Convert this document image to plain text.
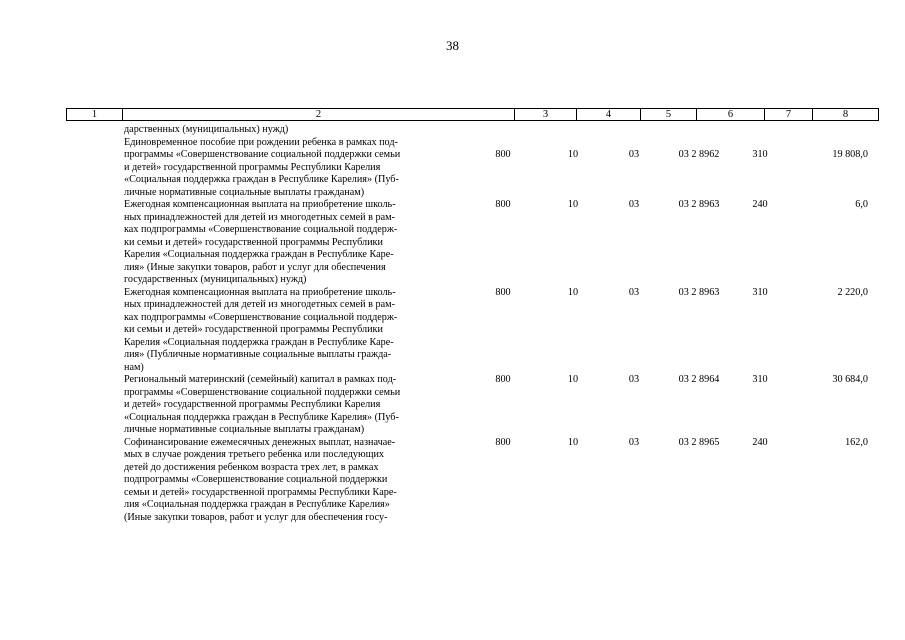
38
1	2	3	4	5	6	7	8
дарственных (муниципальных) нужд)
Единовременное пособие при рождении ребенка в рамках под-
программы «Совершенствование социальной поддержки семьи
и детей» государственной программы Республики Карелия
«Социальная поддержка граждан в Республике Карелия» (Пуб-
личные нормативные социальные выплаты гражданам)
800	10	03	03 2 8962	310	19 808,0
Ежегодная компенсационная выплата на приобретение школь-
ных принадлежностей для детей из многодетных семей в рам-
ках подпрограммы «Совершенствование социальной поддерж-
ки семьи и детей» государственной программы Республики
Карелия «Социальная поддержка граждан в Республике Каре-
лия» (Иные закупки товаров, работ и услуг для обеспечения
государственных (муниципальных) нужд)
800	10	03	03 2 8963	240	6,0
Ежегодная компенсационная выплата на приобретение школь-
ных принадлежностей для детей из многодетных семей в рам-
ках подпрограммы «Совершенствование социальной поддерж-
ки семьи и детей» государственной программы Республики
Карелия «Социальная поддержка граждан в Республике Каре-
лия» (Публичные нормативные социальные выплаты гражда-
нам)
800	10	03	03 2 8963	310	2 220,0
Региональный материнский (семейный) капитал в рамках под-
программы «Совершенствование социальной поддержки семьи
и детей» государственной программы Республики Карелия
«Социальная поддержка граждан в Республике Карелия» (Пуб-
личные нормативные социальные выплаты гражданам)
800	10	03	03 2 8964	310	30 684,0
Софинансирование ежемесячных денежных выплат, назначае-
мых в случае рождения третьего ребенка или последующих
детей до достижения ребенком возраста трех лет, в рамках
подпрограммы «Совершенствование социальной поддержки
семьи и детей» государственной программы Республики Каре-
лия «Социальная поддержка граждан в Республике Карелия»
(Иные закупки товаров, работ и услуг для обеспечения госу-
800	10	03	03 2 8965	240	162,0
